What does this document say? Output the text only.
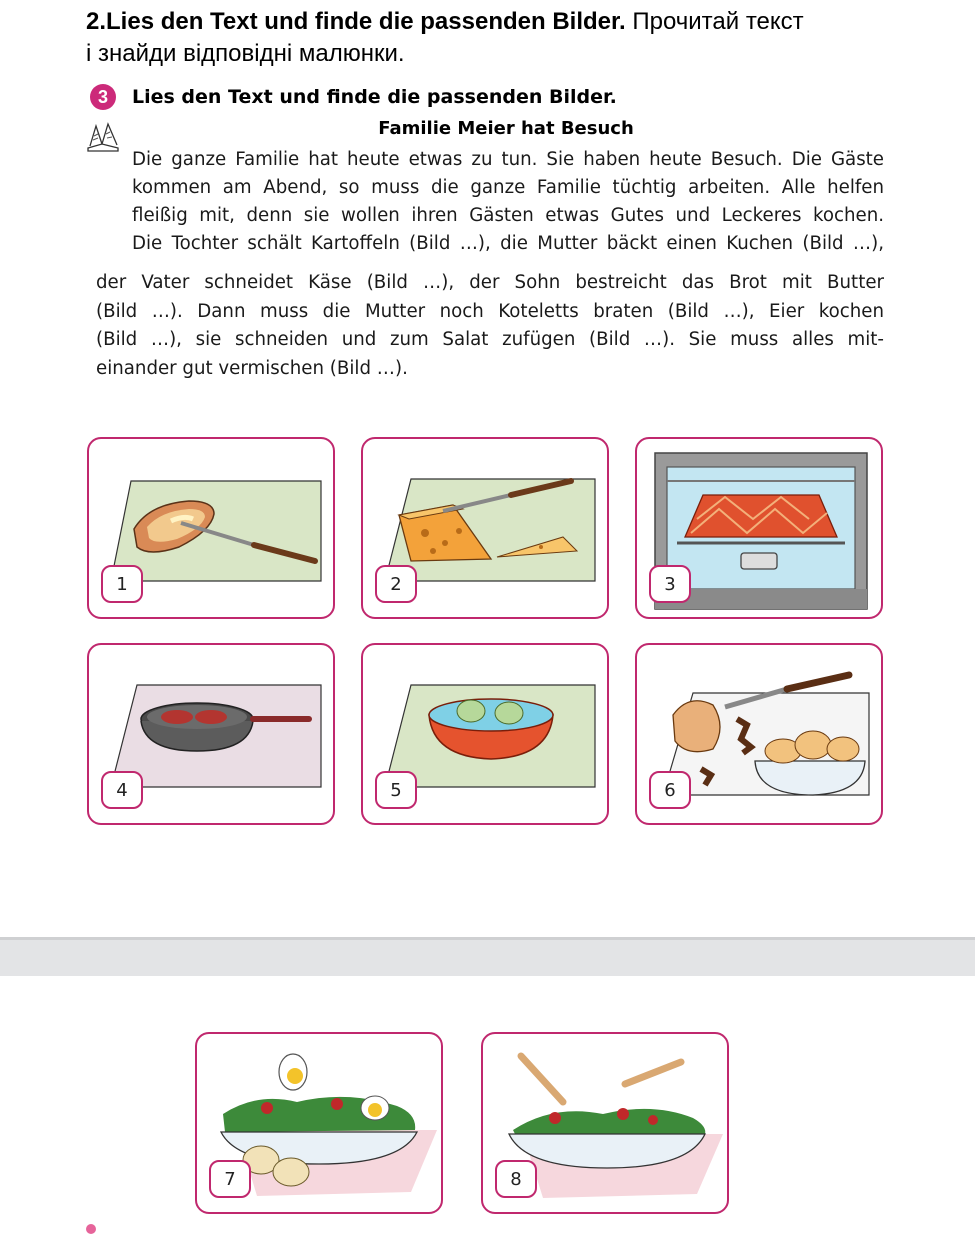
2.Lies den Text und finde die passenden Bilder. Прочитай текст
і знайди відповідні малюнки.
3	Lies den Text und finde die passenden Bilder.
Familie Meier hat Besuch
Die ganze Familie hat heute etwas zu tun. Sie haben heute Besuch. Die Gäste
kommen am Abend, so muss die ganze Familie tüchtig arbeiten. Alle helfen
fleißig mit, denn sie wollen ihren Gästen etwas Gutes und Leckeres kochen.
Die Tochter schält Kartoffeln (Bild …), die Mutter bäckt einen Kuchen (Bild …),
der Vater schneidet Käse (Bild …), der Sohn bestreicht das Brot mit Butter
(Bild …). Dann muss die Mutter noch Koteletts braten (Bild …), Eier kochen
(Bild …), sie schneiden und zum Salat zufügen (Bild …). Sie muss alles mit-
einander gut vermischen (Bild …).
1	2	3
4	5	6
7	8
